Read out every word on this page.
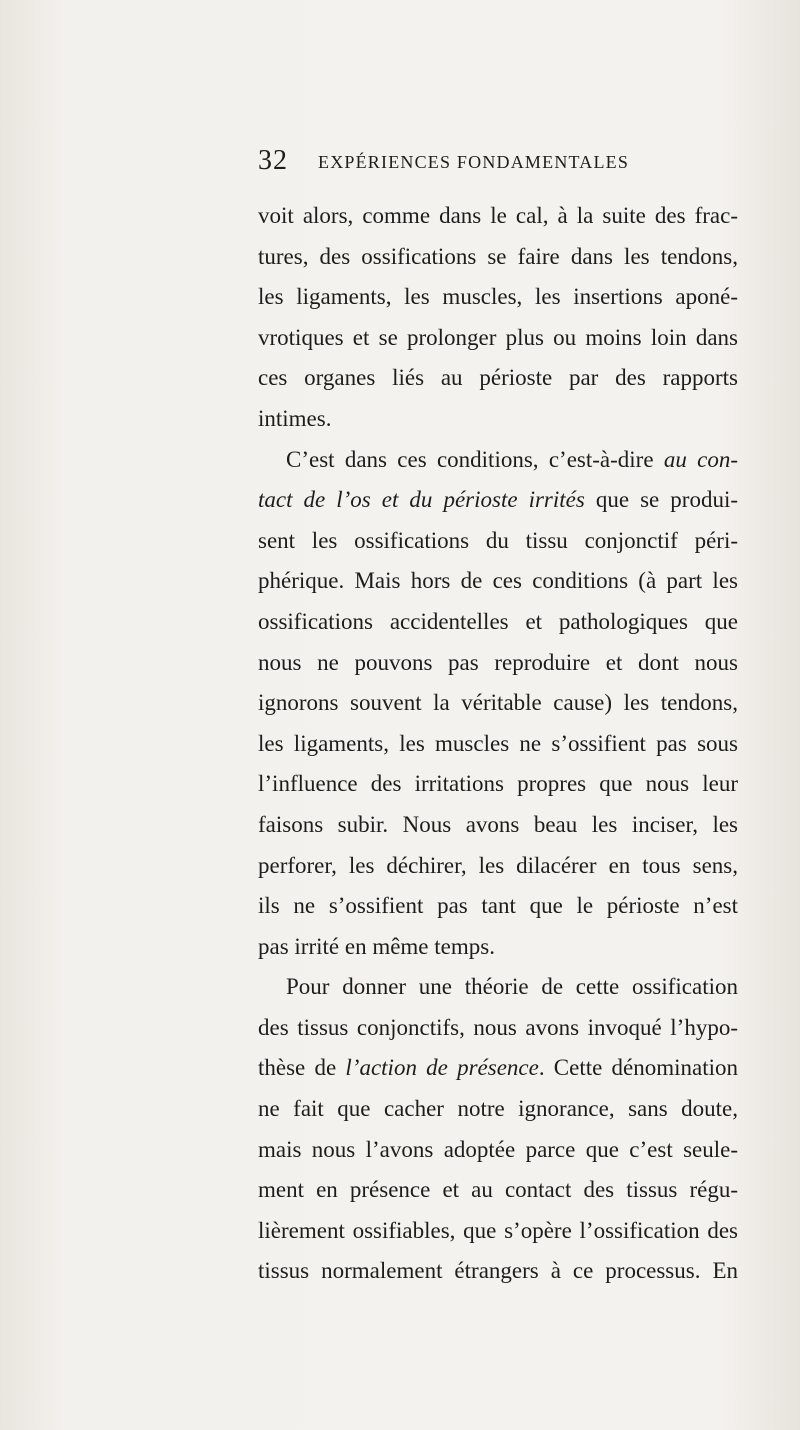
32 EXPÉRIENCES FONDAMENTALES
voit alors, comme dans le cal, à la suite des frac-
tures, des ossifications se faire dans les tendons,
les ligaments, les muscles, les insertions aponé-
vrotiques et se prolonger plus ou moins loin dans
ces organes liés au périoste par des rapports
intimes.
C’est dans ces conditions, c’est-à-dire au con-
tact de l’os et du périoste irrités que se produi-
sent les ossifications du tissu conjonctif péri-
phérique. Mais hors de ces conditions (à part les
ossifications accidentelles et pathologiques que
nous ne pouvons pas reproduire et dont nous
ignorons souvent la véritable cause) les tendons,
les ligaments, les muscles ne s’ossifient pas sous
l’influence des irritations propres que nous leur
faisons subir. Nous avons beau les inciser, les
perforer, les déchirer, les dilacérer en tous sens,
ils ne s’ossifient pas tant que le périoste n’est
pas irrité en même temps.
Pour donner une théorie de cette ossification
des tissus conjonctifs, nous avons invoqué l’hypo-
thèse de l’action de présence. Cette dénomination
ne fait que cacher notre ignorance, sans doute,
mais nous l’avons adoptée parce que c’est seule-
ment en présence et au contact des tissus régu-
lièrement ossifiables, que s’opère l’ossification des
tissus normalement étrangers à ce processus. En
